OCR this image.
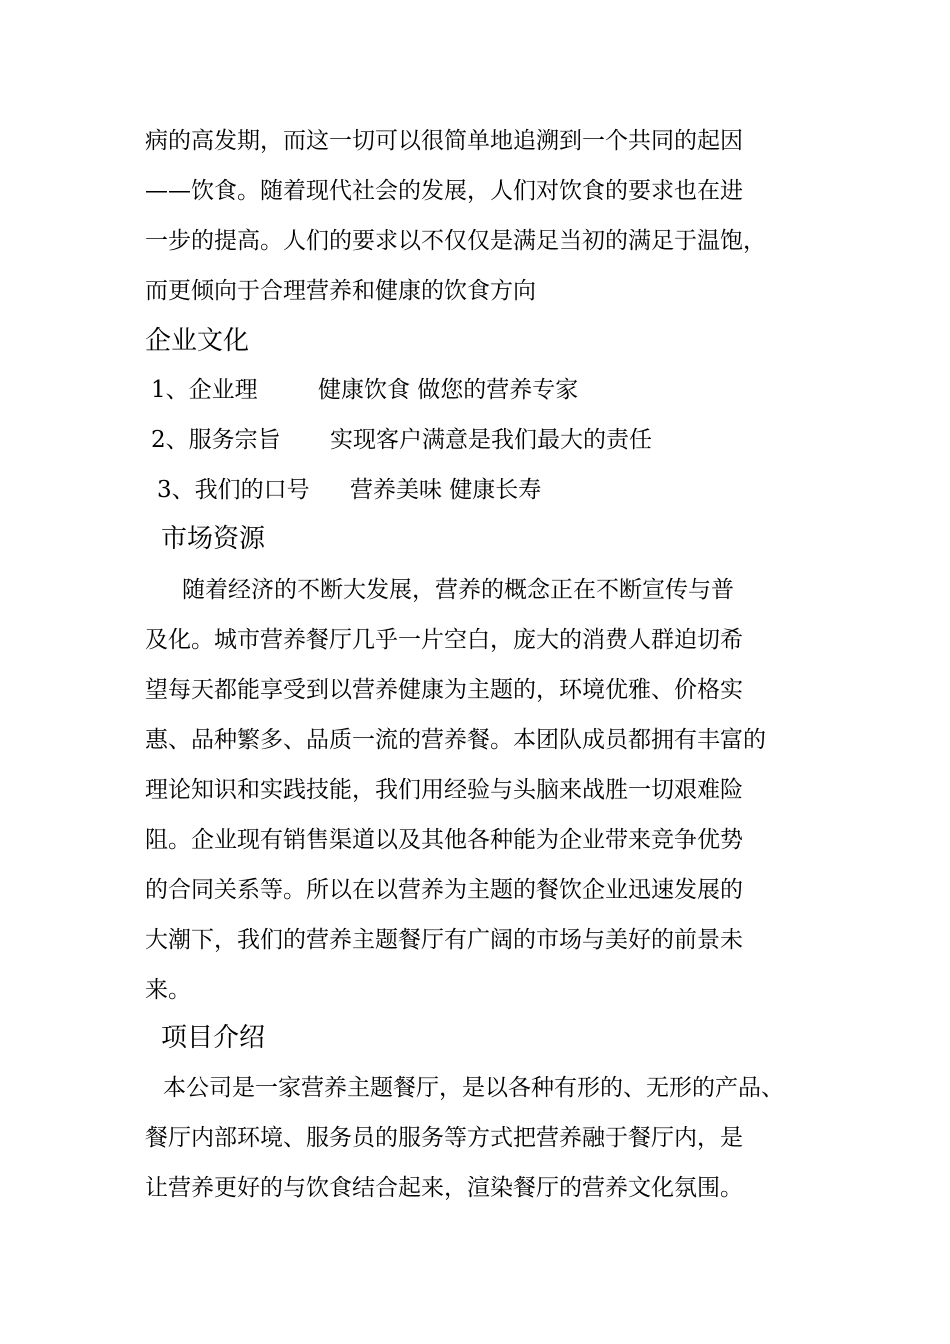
病的高发期，而这一切可以很简单地追溯到一个共同的起因
——饮食。随着现代社会的发展，人们对饮食的要求也在进
一步的提高。人们的要求以不仅仅是满足当初的满足于温饱，
而更倾向于合理营养和健康的饮食方向
企业文化
1、企业理	健康饮食 做您的营养专家
2、服务宗旨 实现客户满意是我们最大的责任
3、我们的口号 营养美味 健康长寿
市场资源
随着经济的不断大发展，营养的概念正在不断宣传与普
及化。城市营养餐厅几乎一片空白，庞大的消费人群迫切希
望每天都能享受到以营养健康为主题的，环境优雅、价格实
惠、品种繁多、品质一流的营养餐。本团队成员都拥有丰富的
理论知识和实践技能，我们用经验与头脑来战胜一切艰难险
阻。企业现有销售渠道以及其他各种能为企业带来竞争优势
的合同关系等。所以在以营养为主题的餐饮企业迅速发展的
大潮下，我们的营养主题餐厅有广阔的市场与美好的前景未
来。
项目介绍
本公司是一家营养主题餐厅，是以各种有形的、无形的产品、
餐厅内部环境、服务员的服务等方式把营养融于餐厅内，是
让营养更好的与饮食结合起来，渲染餐厅的营养文化氛围。
